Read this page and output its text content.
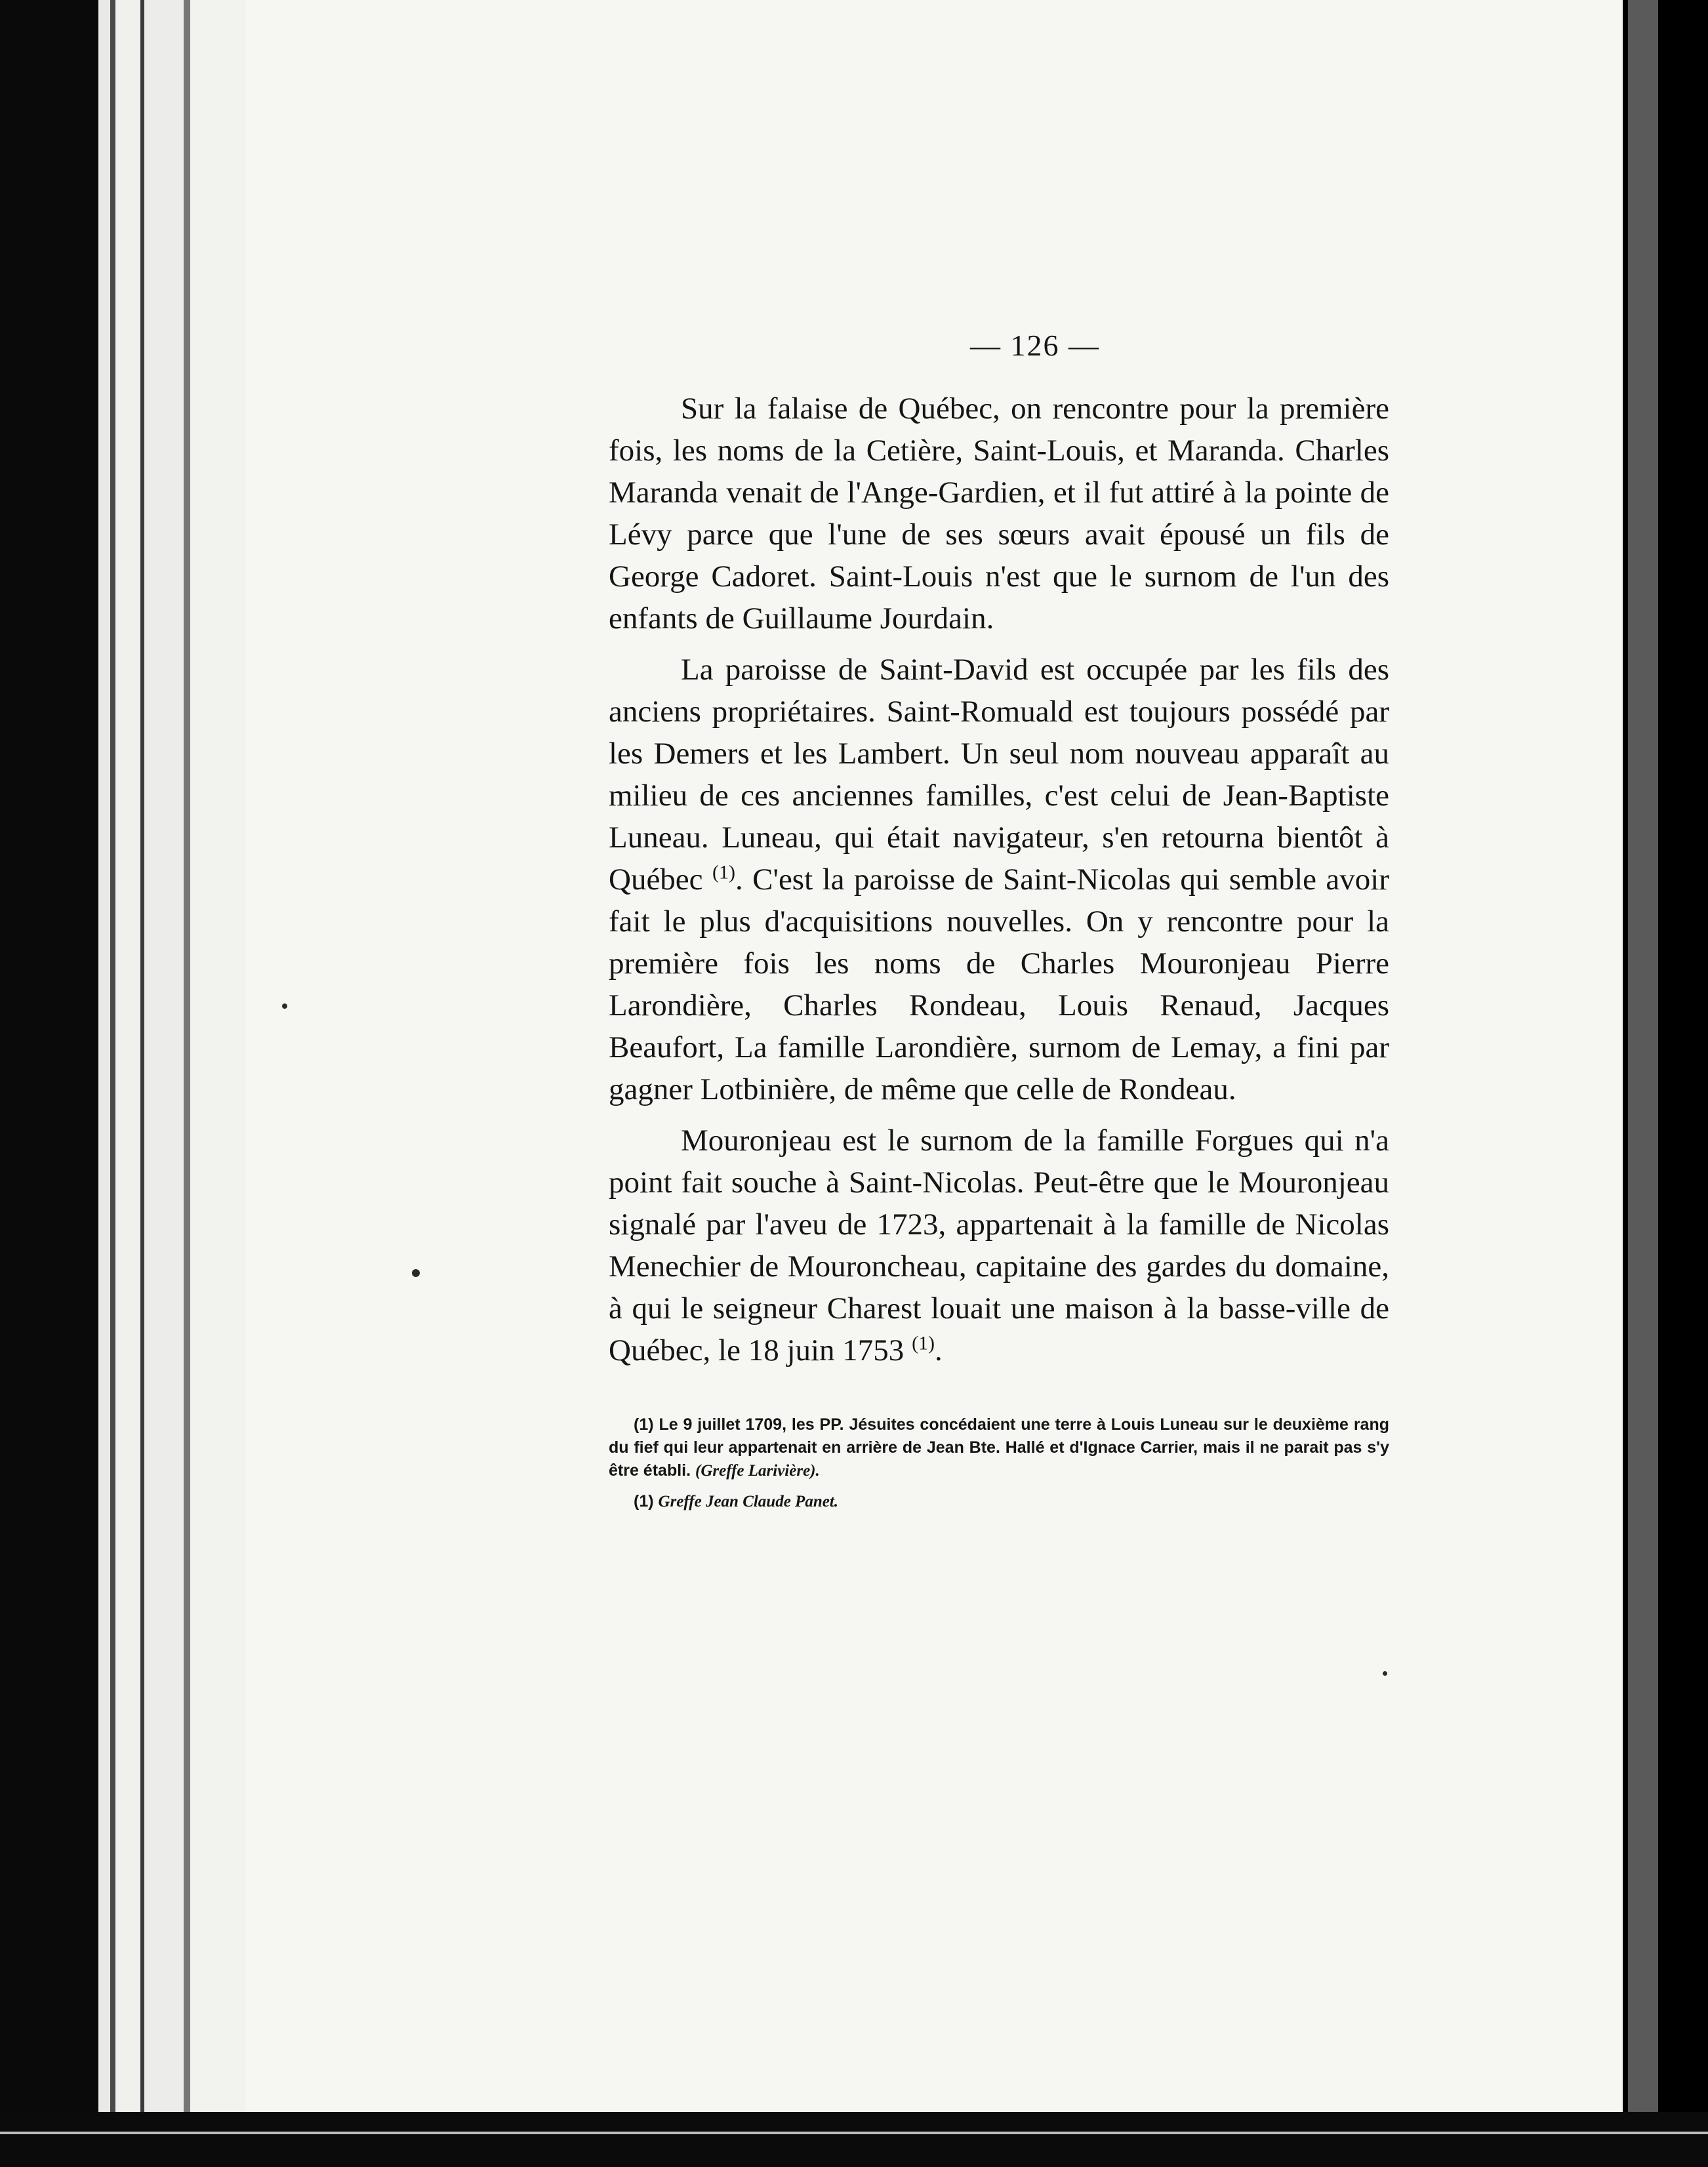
— 126 —

Sur la falaise de Québec, on rencontre pour la première fois, les noms de la Cetière, Saint-Louis, et Maranda. Charles Maranda venait de l'Ange-Gardien, et il fut attiré à la pointe de Lévy parce que l'une de ses sœurs avait épousé un fils de George Cadoret. Saint-Louis n'est que le surnom de l'un des enfants de Guillaume Jourdain.

La paroisse de Saint-David est occupée par les fils des anciens propriétaires. Saint-Romuald est toujours possédé par les Demers et les Lambert. Un seul nom nouveau apparaît au milieu de ces anciennes familles, c'est celui de Jean-Baptiste Luneau. Luneau, qui était navigateur, s'en retourna bientôt à Québec $^{(1)}$. C'est la paroisse de Saint-Nicolas qui semble avoir fait le plus d'acquisitions nouvelles. On y rencontre pour la première fois les noms de Charles Mouronjeau Pierre Larondière, Charles Rondeau, Louis Renaud, Jacques Beaufort, La famille Larondière, surnom de Lemay, a fini par gagner Lotbinière, de même que celle de Rondeau.

Mouronjeau est le surnom de la famille Forgues qui n'a point fait souche à Saint-Nicolas. Peut-être que le Mouronjeau signalé par l'aveu de 1723, appartenait à la famille de Nicolas Menechier de Mouroncheau, capitaine des gardes du domaine, à qui le seigneur Charest louait une maison à la basse-ville de Québec, le 18 juin 1753 $^{(1)}$.

(1) Le 9 juillet 1709, les PP. Jésuites concédaient une terre à Louis Luneau sur le deuxième rang du fief qui leur appartenait en arrière de Jean Bte. Hallé et d'Ignace Carrier, mais il ne parait pas s'y être établi. (Greffe Larivière).

(1) Greffe Jean Claude Panet.
